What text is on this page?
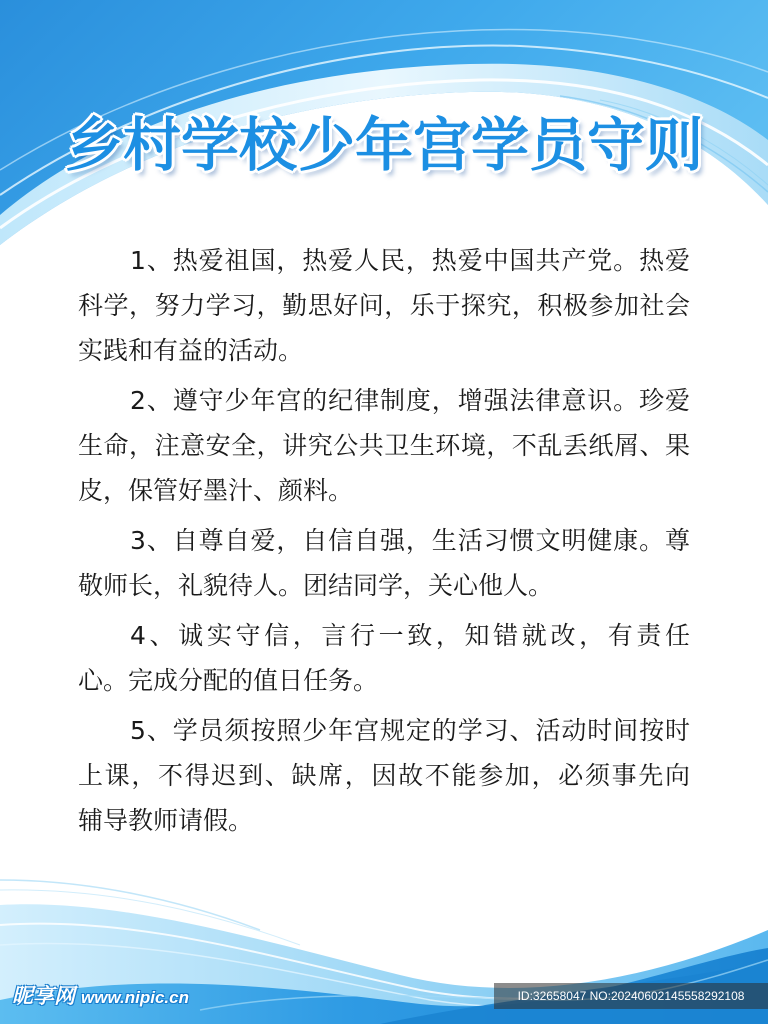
乡村学校少年宫学员守则
1、热爱祖国，热爱人民，热爱中国共产党。热爱
科学，努力学习，勤思好问，乐于探究，积极参加社会
实践和有益的活动。
2、遵守少年宫的纪律制度，增强法律意识。珍爱
生命，注意安全，讲究公共卫生环境，不乱丢纸屑、果
皮，保管好墨汁、颜料。
3、自尊自爱，自信自强，生活习惯文明健康。尊
敬师长，礼貌待人。团结同学，关心他人。
4、诚实守信，言行一致，知错就改，有责任
心。完成分配的值日任务。
5、学员须按照少年宫规定的学习、活动时间按时
上课，不得迟到、缺席，因故不能参加，必须事先向
辅导教师请假。
昵享网 www.nipic.cn	ID:32658047 NO:20240602145558292108
